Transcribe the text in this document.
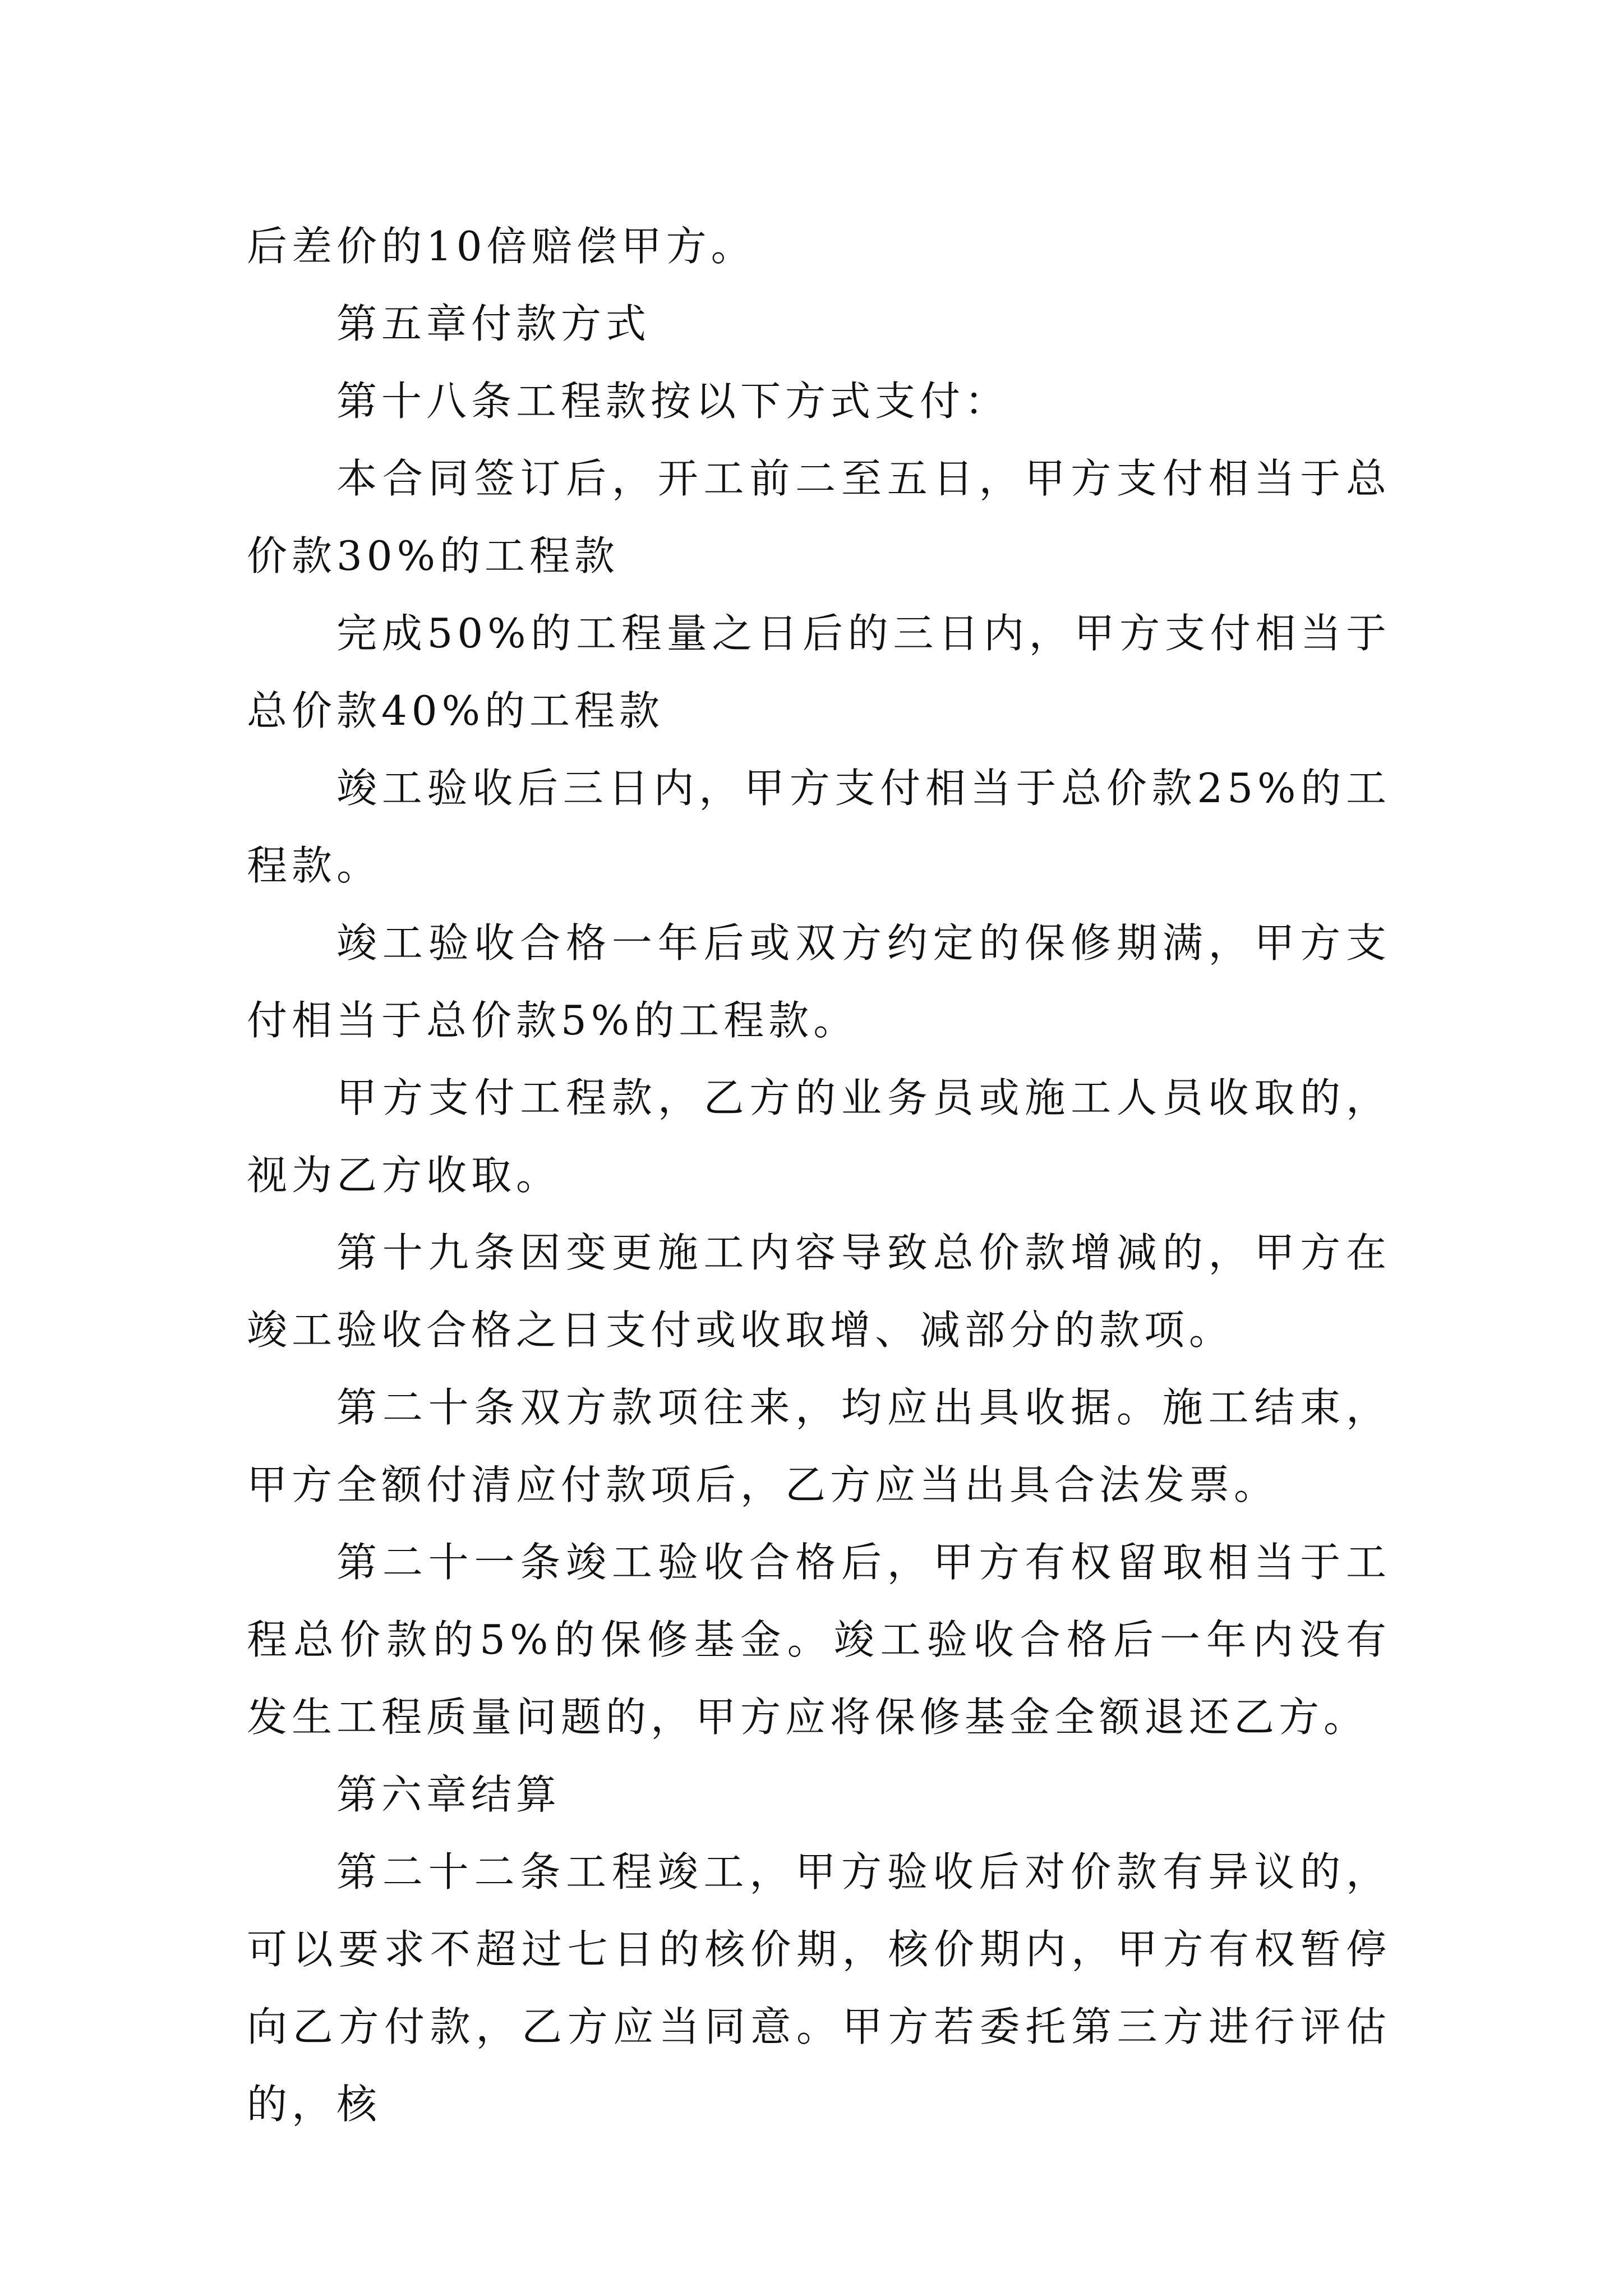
后差价的10倍赔偿甲方。

第五章付款方式

第十八条工程款按以下方式支付：

本合同签订后，开工前二至五日，甲方支付相当于总价款30%的工程款

完成50%的工程量之日后的三日内，甲方支付相当于总价款40%的工程款

竣工验收后三日内，甲方支付相当于总价款25%的工程款。

竣工验收合格一年后或双方约定的保修期满，甲方支付相当于总价款5%的工程款。

甲方支付工程款，乙方的业务员或施工人员收取的，视为乙方收取。

第十九条因变更施工内容导致总价款增减的，甲方在竣工验收合格之日支付或收取增、减部分的款项。

第二十条双方款项往来，均应出具收据。施工结束，甲方全额付清应付款项后，乙方应当出具合法发票。

第二十一条竣工验收合格后，甲方有权留取相当于工程总价款的5%的保修基金。竣工验收合格后一年内没有发生工程质量问题的，甲方应将保修基金全额退还乙方。

第六章结算

第二十二条工程竣工，甲方验收后对价款有异议的，可以要求不超过七日的核价期，核价期内，甲方有权暂停向乙方付款，乙方应当同意。甲方若委托第三方进行评估的，核
